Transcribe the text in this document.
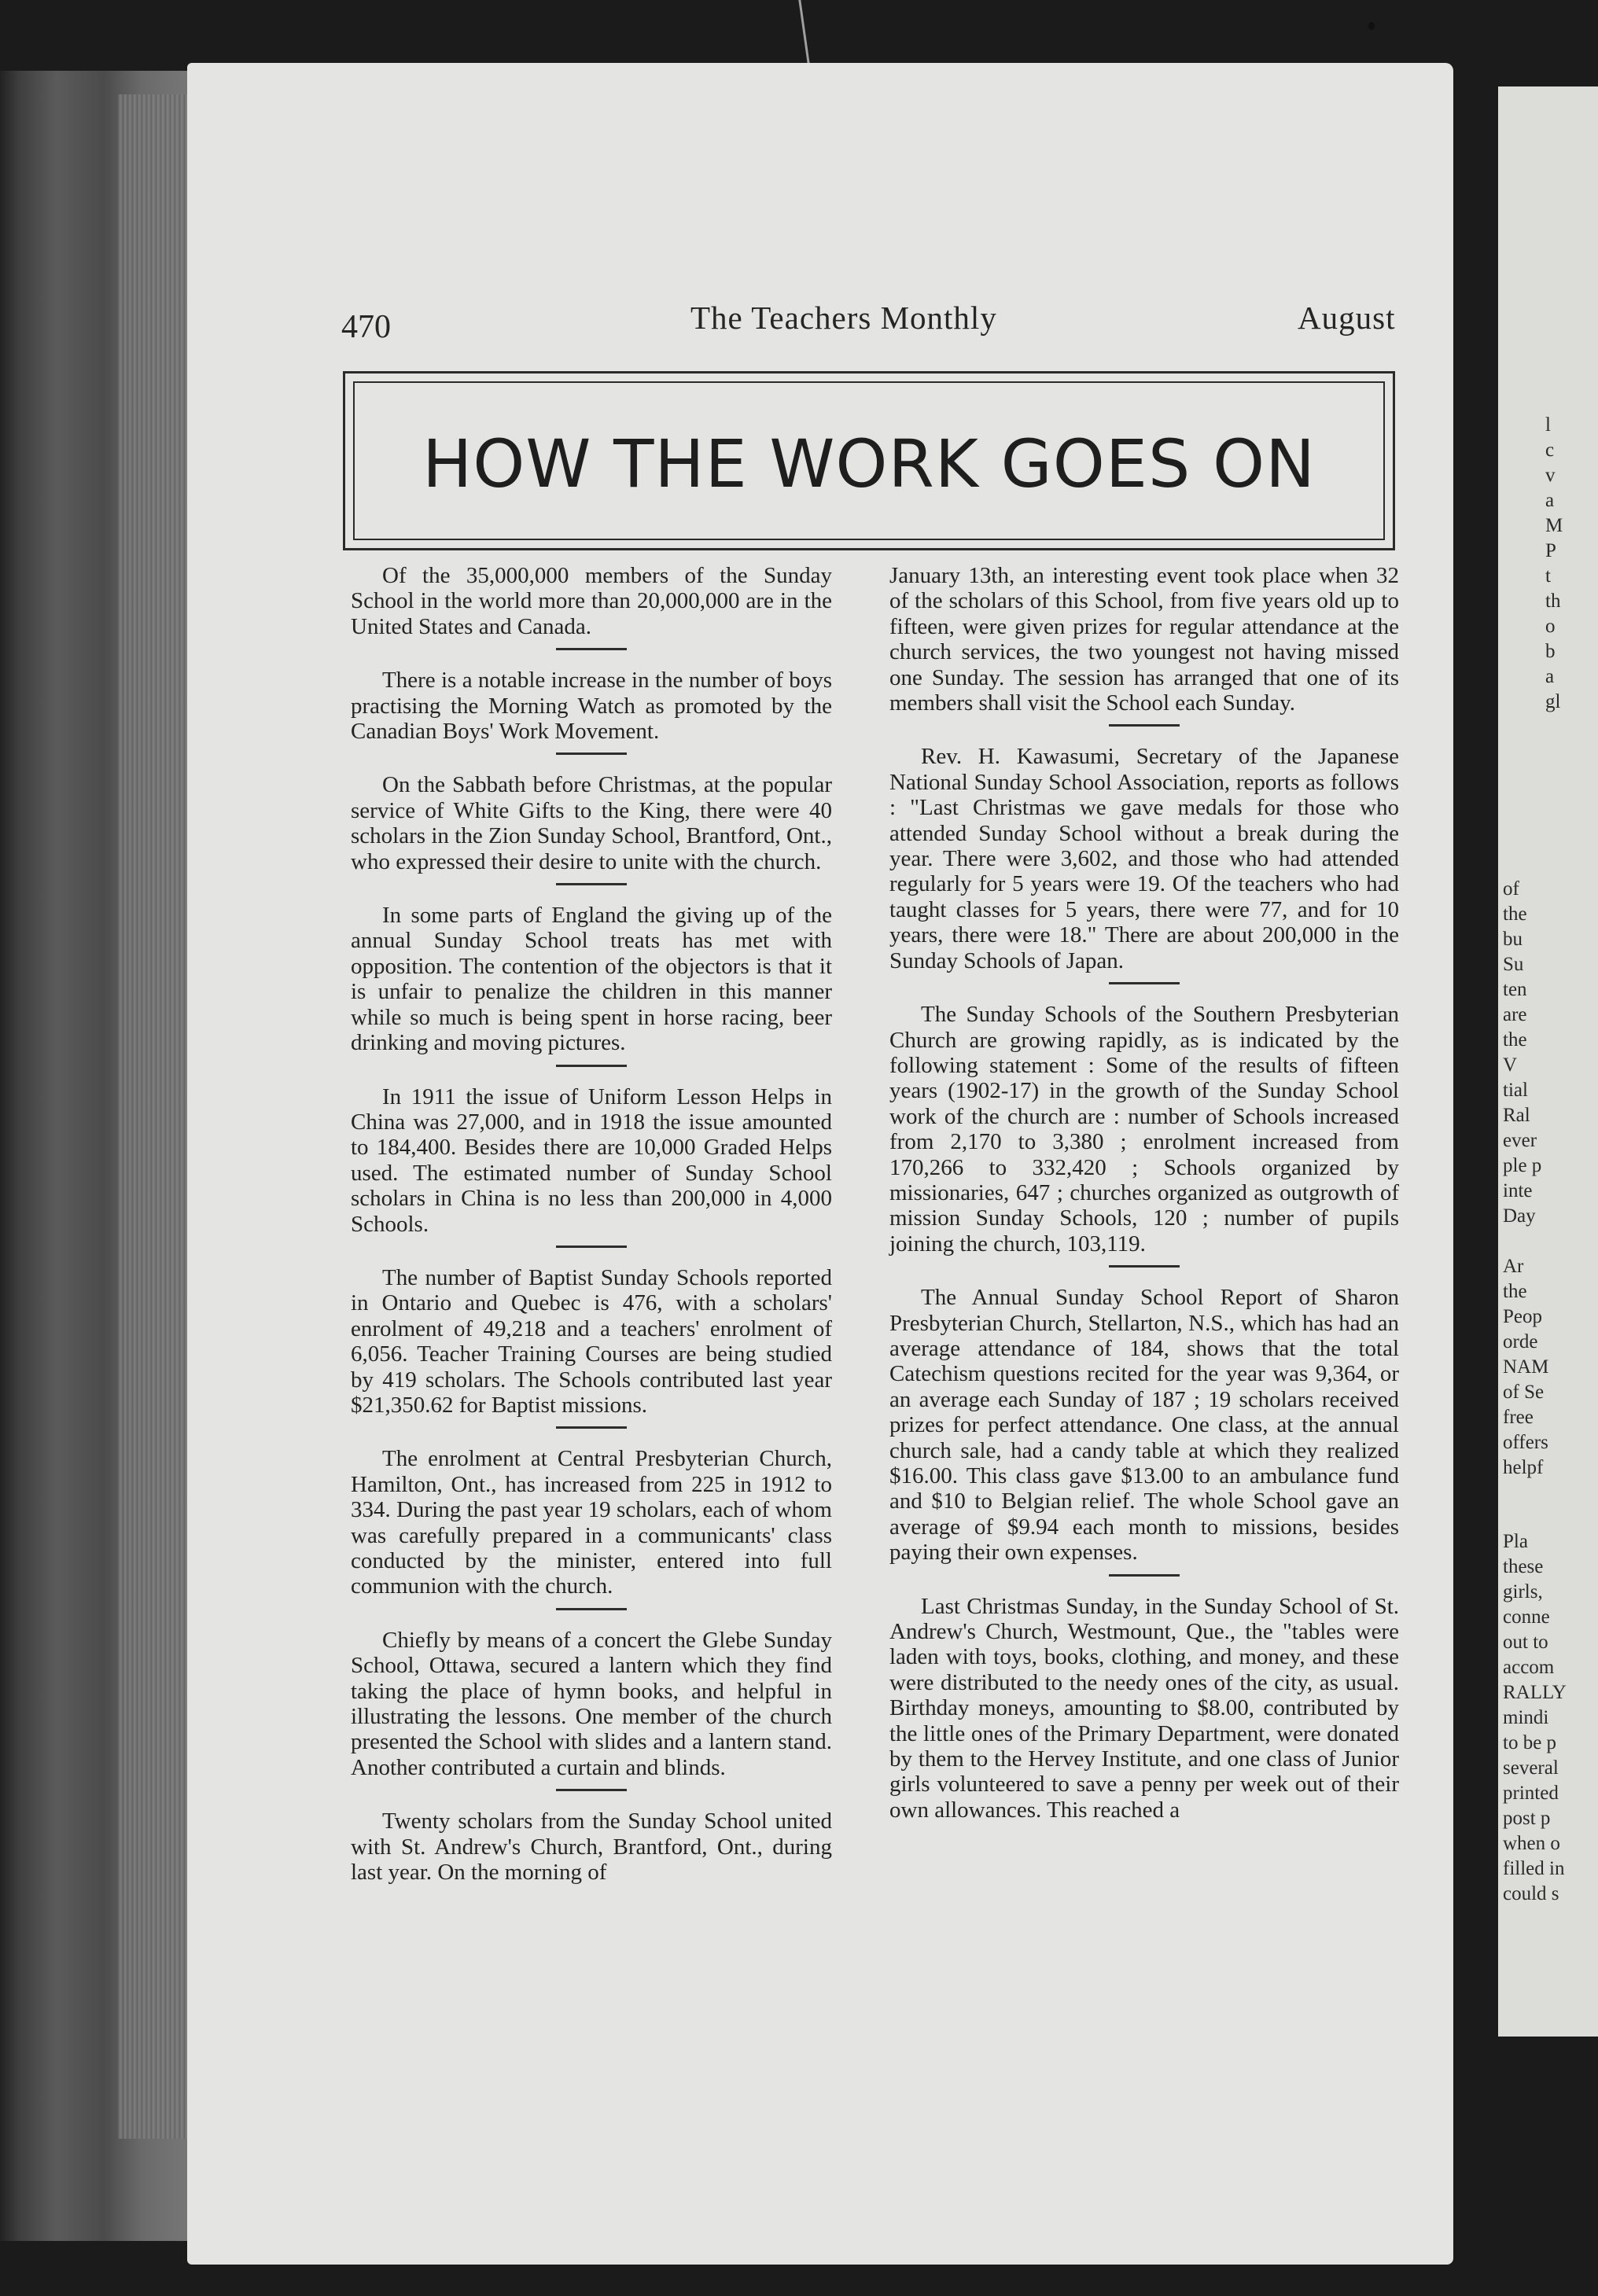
470	The Teachers Monthly	August
HOW THE WORK GOES ON

Of the 35,000,000 members of the Sunday School in the world more than 20,000,000 are in the United States and Canada.

There is a notable increase in the number of boys practising the Morning Watch as promoted by the Canadian Boys' Work Movement.

On the Sabbath before Christmas, at the popular service of White Gifts to the King, there were 40 scholars in the Zion Sunday School, Brantford, Ont., who expressed their desire to unite with the church.

In some parts of England the giving up of the annual Sunday School treats has met with opposition. The contention of the objectors is that it is unfair to penalize the children in this manner while so much is being spent in horse racing, beer drinking and moving pictures.

In 1911 the issue of Uniform Lesson Helps in China was 27,000, and in 1918 the issue amounted to 184,400. Besides there are 10,000 Graded Helps used. The estimated number of Sunday School scholars in China is no less than 200,000 in 4,000 Schools.

The number of Baptist Sunday Schools reported in Ontario and Quebec is 476, with a scholars' enrolment of 49,218 and a teachers' enrolment of 6,056. Teacher Training Courses are being studied by 419 scholars. The Schools contributed last year $21,350.62 for Baptist missions.

The enrolment at Central Presbyterian Church, Hamilton, Ont., has increased from 225 in 1912 to 334. During the past year 19 scholars, each of whom was carefully prepared in a communicants' class conducted by the minister, entered into full communion with the church.

Chiefly by means of a concert the Glebe Sunday School, Ottawa, secured a lantern which they find taking the place of hymn books, and helpful in illustrating the lessons. One member of the church presented the School with slides and a lantern stand. Another contributed a curtain and blinds.

Twenty scholars from the Sunday School united with St. Andrew's Church, Brantford, Ont., during last year. On the morning of

January 13th, an interesting event took place when 32 of the scholars of this School, from five years old up to fifteen, were given prizes for regular attendance at the church services, the two youngest not having missed one Sunday. The session has arranged that one of its members shall visit the School each Sunday.

Rev. H. Kawasumi, Secretary of the Japanese National Sunday School Association, reports as follows : "Last Christmas we gave medals for those who attended Sunday School without a break during the year. There were 3,602, and those who had attended regularly for 5 years were 19. Of the teachers who had taught classes for 5 years, there were 77, and for 10 years, there were 18." There are about 200,000 in the Sunday Schools of Japan.

The Sunday Schools of the Southern Presbyterian Church are growing rapidly, as is indicated by the following statement : Some of the results of fifteen years (1902-17) in the growth of the Sunday School work of the church are : number of Schools increased from 2,170 to 3,380 ; enrolment increased from 170,266 to 332,420 ; Schools organized by missionaries, 647 ; churches organized as outgrowth of mission Sunday Schools, 120 ; number of pupils joining the church, 103,119.

The Annual Sunday School Report of Sharon Presbyterian Church, Stellarton, N.S., which has had an average attendance of 184, shows that the total Catechism questions recited for the year was 9,364, or an average each Sunday of 187 ; 19 scholars received prizes for perfect attendance. One class, at the annual church sale, had a candy table at which they realized $16.00. This class gave $13.00 to an ambulance fund and $10 to Belgian relief. The whole School gave an average of $9.94 each month to missions, besides paying their own expenses.

Last Christmas Sunday, in the Sunday School of St. Andrew's Church, Westmount, Que., the "tables were laden with toys, books, clothing, and money, and these were distributed to the needy ones of the city, as usual. Birthday moneys, amounting to $8.00, contributed by the little ones of the Primary Department, were donated by them to the Hervey Institute, and one class of Junior girls volunteered to save a penny per week out of their own allowances. This reached a

l
c
v
a
M
P
t
th
o
b
a
gl
of
the
bu
Su
ten
are
the
V
tial
Ral
ever
ple p
inte
Day
Ar
the
Peop
orde
NAM
of Se
free
offers
helpf
Pla
these
girls,
conne
out to
accom
RALLY
mindi
to be p
several
printed
post p
when o
filled in
could s
